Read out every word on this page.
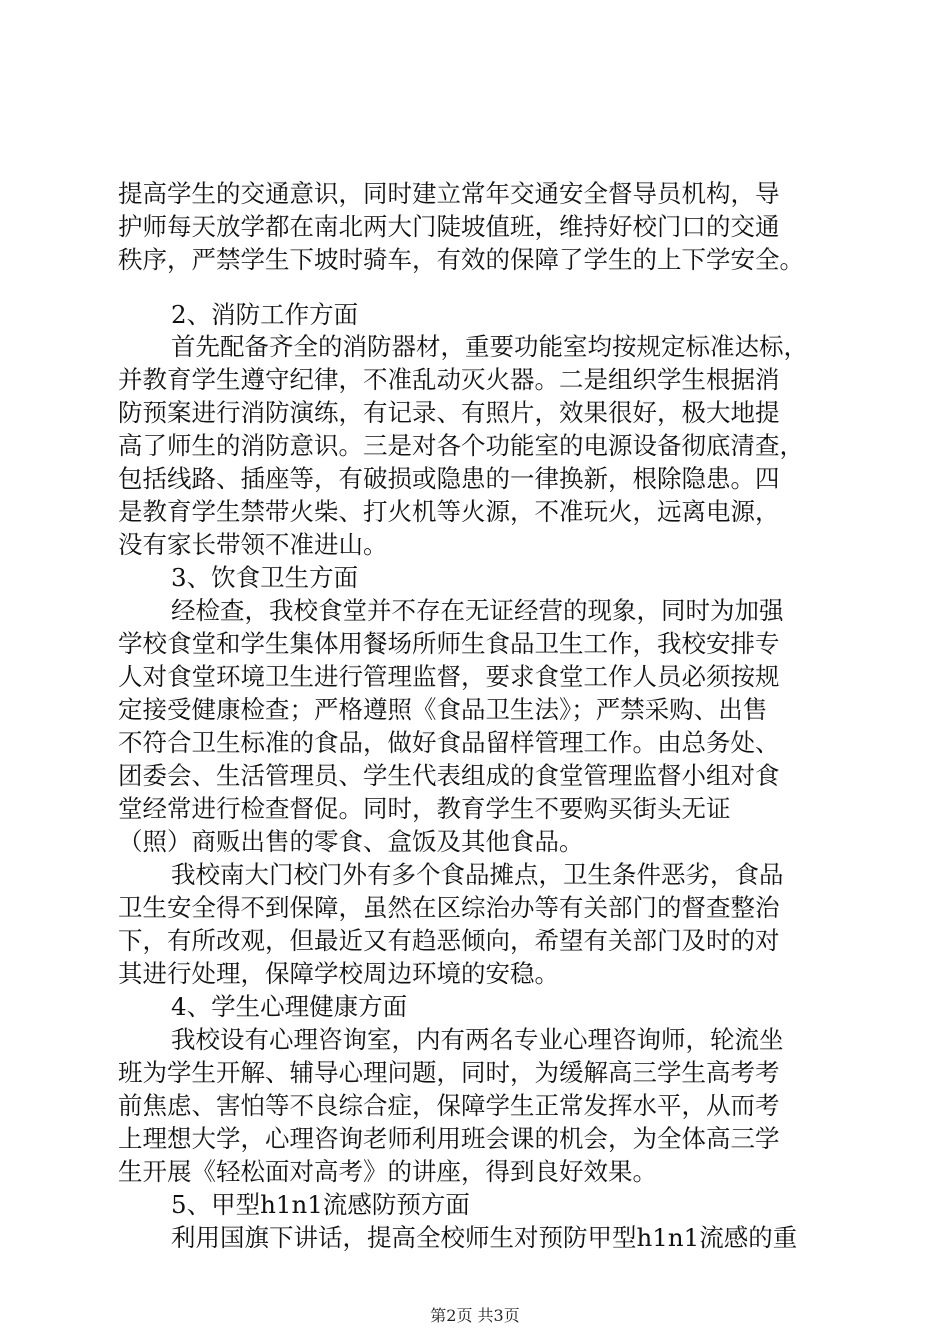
提高学生的交通意识，同时建立常年交通安全督导员机构，导
护师每天放学都在南北两大门陡坡值班，维持好校门口的交通
秩序，严禁学生下坡时骑车，有效的保障了学生的上下学安全。
2、消防工作方面
首先配备齐全的消防器材，重要功能室均按规定标准达标，
并教育学生遵守纪律，不准乱动灭火器。二是组织学生根据消
防预案进行消防演练，有记录、有照片，效果很好，极大地提
高了师生的消防意识。三是对各个功能室的电源设备彻底清查，
包括线路、插座等，有破损或隐患的一律换新，根除隐患。四
是教育学生禁带火柴、打火机等火源，不准玩火，远离电源，
没有家长带领不准进山。
3、饮食卫生方面
经检查，我校食堂并不存在无证经营的现象，同时为加强
学校食堂和学生集体用餐场所师生食品卫生工作，我校安排专
人对食堂环境卫生进行管理监督，要求食堂工作人员必须按规
定接受健康检查；严格遵照《食品卫生法》；严禁采购、出售
不符合卫生标准的食品，做好食品留样管理工作。由总务处、
团委会、生活管理员、学生代表组成的食堂管理监督小组对食
堂经常进行检查督促。同时，教育学生不要购买街头无证
（照）商贩出售的零食、盒饭及其他食品。
我校南大门校门外有多个食品摊点，卫生条件恶劣，食品
卫生安全得不到保障，虽然在区综治办等有关部门的督查整治
下，有所改观，但最近又有趋恶倾向，希望有关部门及时的对
其进行处理，保障学校周边环境的安稳。
4、学生心理健康方面
我校设有心理咨询室，内有两名专业心理咨询师，轮流坐
班为学生开解、辅导心理问题，同时，为缓解高三学生高考考
前焦虑、害怕等不良综合症，保障学生正常发挥水平，从而考
上理想大学，心理咨询老师利用班会课的机会，为全体高三学
生开展《轻松面对高考》的讲座，得到良好效果。
5、甲型h1n1流感防预方面
利用国旗下讲话，提高全校师生对预防甲型h1n1流感的重
第2页 共3页
